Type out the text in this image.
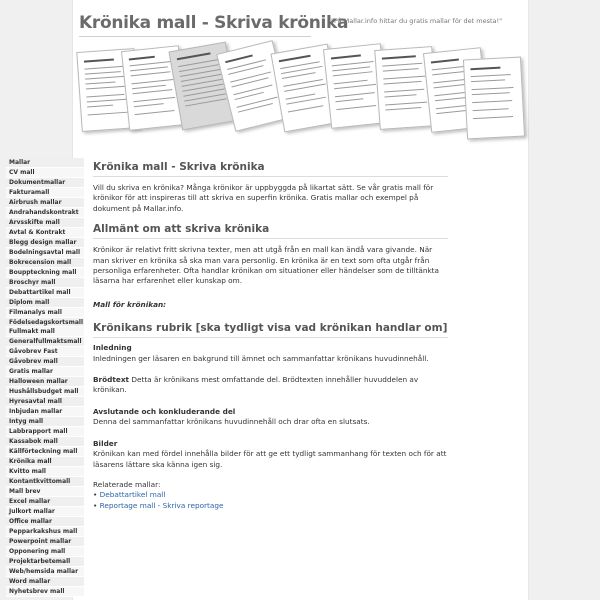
Krönika mall - Skriva krönika
"På Mallar.info hittar du gratis mallar för det mesta!"
Mallar
CV mall
Dokumentmallar
Fakturamall
Airbrush mallar
Andrahandskontrakt
Arvsskifte mall
Avtal & Kontrakt
Blegg design mallar
Bodelningsavtal mall
Bokrecension mall
Bouppteckning mall
Broschyr mall
Debattartikel mall
Diplom mall
Filmanalys mall
Födelsedagskortsmall
Fullmakt mall
Generalfullmaktsmall
Gåvobrev Fast
Gåvobrev mall
Gratis mallar
Halloween mallar
Hushållsbudget mall
Hyresavtal mall
Inbjudan mallar
Intyg mall
Labbrapport mall
Kassabok mall
Källförteckning mall
Krönika mall
Kvitto mall
Kontantkvittomall
Mall brev
Excel mallar
Julkort mallar
Office mallar
Pepparkakshus mall
Powerpoint mallar
Opponering mall
Projektarbetemall
Web/hemsida mallar
Word mallar
Nyhetsbrev mall
Krönika mall - Skriva krönika

Vill du skriva en krönika? Många krönikor är uppbyggda på likartat sätt. Se vår gratis mall för krönikor för att inspireras till att skriva en superfin krönika. Gratis mallar och exempel på dokument på Mallar.info.

Allmänt om att skriva krönika

Krönikor är relativt fritt skrivna texter, men att utgå från en mall kan ändå vara givande. När man skriver en krönika så ska man vara personlig. En krönika är en text som ofta utgår från personliga erfarenheter. Ofta handlar krönikan om situationer eller händelser som de tilltänkta läsarna har erfarenhet eller kunskap om.

Mall för krönikan:

Krönikans rubrik [ska tydligt visa vad krönikan handlar om]

Inledning

Inledningen ger läsaren en bakgrund till ämnet och sammanfattar krönikans huvudinnehåll.

Brödtext Detta är krönikans mest omfattande del. Brödtexten innehåller huvuddelen av krönikan.

Avslutande och konkluderande del

Denna del sammanfattar krönikans huvudinnehåll och drar ofta en slutsats.

Bilder

Krönikan kan med fördel innehålla bilder för att ge ett tydligt sammanhang för texten och för att läsarens lättare ska känna igen sig.

Relaterade mallar:

• Debattartikel mall

• Reportage mall - Skriva reportage
